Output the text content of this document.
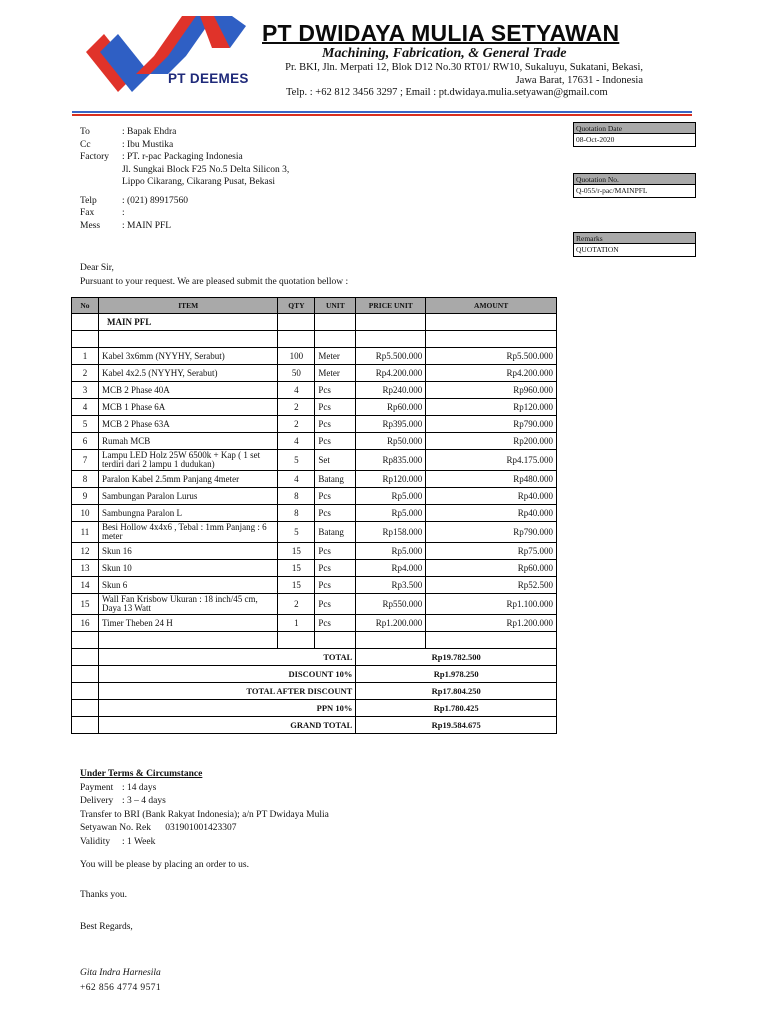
PT DEEMES
PT DWIDAYA MULIA SETYAWAN
Machining, Fabrication, & General Trade
Pr. BKI, Jln. Merpati 12, Blok D12 No.30 RT01/ RW10, Sukaluyu, Sukatani, Bekasi,
Jawa Barat, 17631 - Indonesia
Telp. : +62 812 3456 3297 ; Email : pt.dwidaya.mulia.setyawan@gmail.com
To	: Bapak Ehdra
Cc	: Ibu Mustika
Factory : PT. r-pac Packaging Indonesia
Jl. Sungkai Block F25 No.5 Delta Silicon 3,
Lippo Cikarang, Cikarang Pusat, Bekasi
Telp	: (021) 89917560
Fax	:
Mess : MAIN PFL
Quotation Date
08-Oct-2020
Quotation No.
Q-055/r-pac/MAINPFL
Remarks
QUOTATION
Dear Sir,
Pursuant to your request. We are pleased submit the quotation bellow :
No	ITEM	QTY	UNIT	PRICE UNIT	AMOUNT
	MAIN PFL				

1	Kabel 3x6mm (NYYHY, Serabut)	100	Meter	Rp5.500.000	Rp5.500.000
2	Kabel 4x2.5 (NYYHY, Serabut)	50	Meter	Rp4.200.000	Rp4.200.000
3	MCB 2 Phase 40A	4	Pcs	Rp240.000	Rp960.000
4	MCB 1 Phase 6A	2	Pcs	Rp60.000	Rp120.000
5	MCB 2 Phase 63A	2	Pcs	Rp395.000	Rp790.000
6	Rumah MCB	4	Pcs	Rp50.000	Rp200.000
7	Lampu LED Holz 25W 6500k + Kap ( 1 set terdiri dari 2 lampu 1 dudukan)	5	Set	Rp835.000	Rp4.175.000
8	Paralon Kabel 2.5mm Panjang 4meter	4	Batang	Rp120.000	Rp480.000
9	Sambungan Paralon Lurus	8	Pcs	Rp5.000	Rp40.000
10	Sambungna Paralon L	8	Pcs	Rp5.000	Rp40.000
11	Besi Hollow 4x4x6 , Tebal : 1mm Panjang : 6 meter	5	Batang	Rp158.000	Rp790.000
12	Skun 16	15	Pcs	Rp5.000	Rp75.000
13	Skun 10	15	Pcs	Rp4.000	Rp60.000
14	Skun 6	15	Pcs	Rp3.500	Rp52.500
15	Wall Fan Krisbow Ukuran : 18 inch/45 cm, Daya 13 Watt	2	Pcs	Rp550.000	Rp1.100.000
16	Timer Theben 24 H	1	Pcs	Rp1.200.000	Rp1.200.000

	TOTAL			Rp19.782.500	
	DISCOUNT 10%			Rp1.978.250	
	TOTAL AFTER DISCOUNT			Rp17.804.250	
	PPN 10%			Rp1.780.425	
	GRAND TOTAL			Rp19.584.675	
Under Terms & Circumstance
Payment : 14 days
Delivery : 3 – 4 days
Transfer to BRI (Bank Rakyat Indonesia); a/n PT Dwidaya Mulia
Setyawan No. Rek      031901001423307
Validity : 1 Week
You will be please by placing an order to us.
Thanks you.
Best Regards,
Gita Indra Harnesila
+62 856 4774 9571
